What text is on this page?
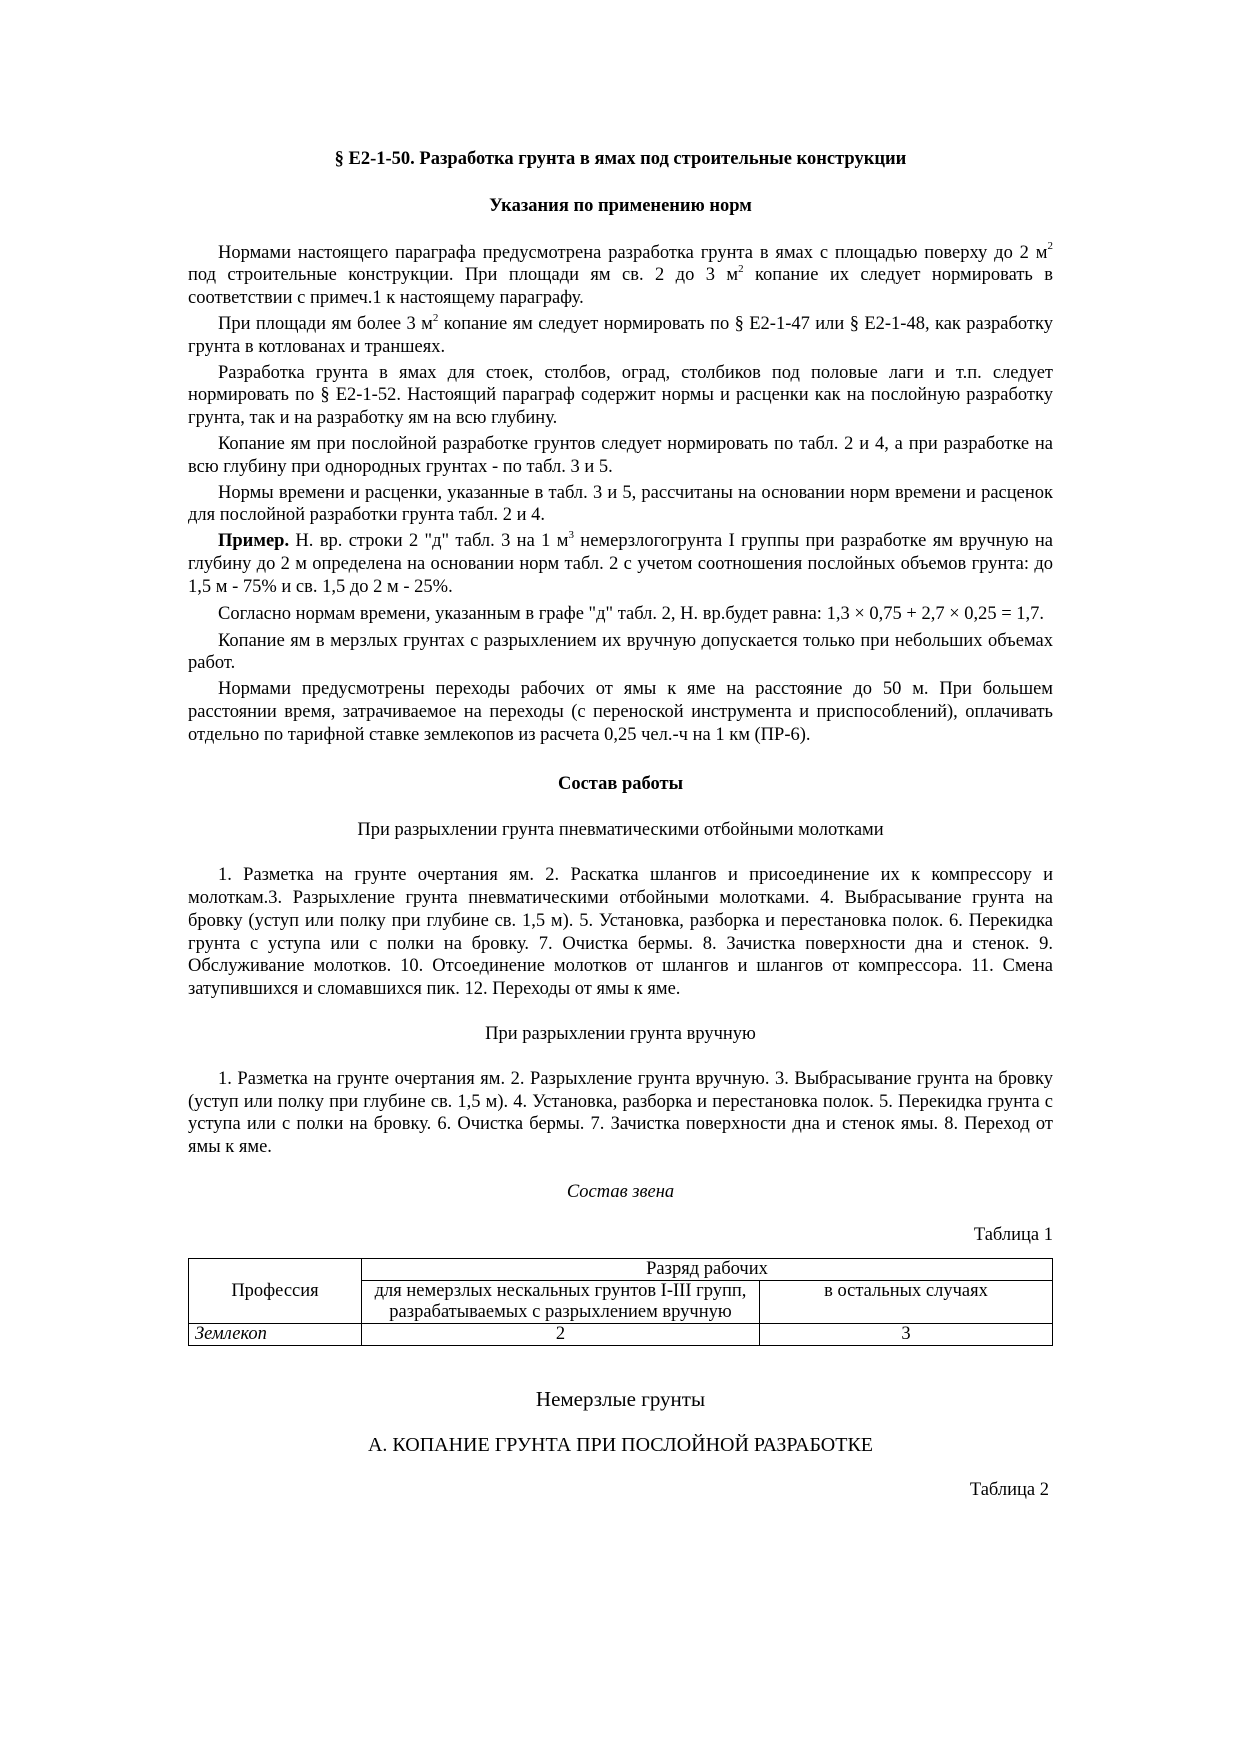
§ Е2-1-50. Разработка грунта в ямах под строительные конструкции
Указания по применению норм

Нормами настоящего параграфа предусмотрена разработка грунта в ямах с площадью поверху до 2 $м^2$ под строительные конструкции. При площади ям св. 2 до 3 $м^2$ копание их следует нормировать в соответствии с примеч.1 к настоящему параграфу.

При площади ям более 3 $м^2$ копание ям следует нормировать по § Е2-1-47 или § Е2-1-48, как разработку грунта в котлованах и траншеях.

Разработка грунта в ямах для стоек, столбов, оград, столбиков под половые лаги и т.п. следует нормировать по § Е2-1-52. Настоящий параграф содержит нормы и расценки как на послойную разработку грунта, так и на разработку ям на всю глубину.

Копание ям при послойной разработке грунтов следует нормировать по табл. 2 и 4, а при разработке на всю глубину при однородных грунтах - по табл. 3 и 5.

Нормы времени и расценки, указанные в табл. 3 и 5, рассчитаны на основании норм времени и расценок для послойной разработки грунта табл. 2 и 4.

Пример. Н. вр. строки 2 "д" табл. 3 на 1 $м^3$ немерзлогогрунта I группы при разработке ям вручную на глубину до 2 м определена на основании норм табл. 2 с учетом соотношения послойных объемов грунта: до 1,5 м - 75% и св. 1,5 до 2 м - 25%.

Согласно нормам времени, указанным в графе "д" табл. 2, Н. вр.будет равна: 1,3 × 0,75 + 2,7 × 0,25 = 1,7.

Копание ям в мерзлых грунтах с разрыхлением их вручную допускается только при небольших объемах работ.

Нормами предусмотрены переходы рабочих от ямы к яме на расстояние до 50 м. При большем расстоянии время, затрачиваемое на переходы (с переноской инструмента и приспособлений), оплачивать отдельно по тарифной ставке землекопов из расчета 0,25 чел.-ч на 1 км (ПР-6).

Состав работы
При разрыхлении грунта пневматическими отбойными молотками

1. Разметка на грунте очертания ям. 2. Раскатка шлангов и присоединение их к компрессору и молоткам.3. Разрыхление грунта пневматическими отбойными молотками. 4. Выбрасывание грунта на бровку (уступ или полку при глубине св. 1,5 м). 5. Установка, разборка и перестановка полок. 6. Перекидка грунта с уступа или с полки на бровку. 7. Очистка бермы. 8. Зачистка поверхности дна и стенок. 9. Обслуживание молотков. 10. Отсоединение молотков от шлангов и шлангов от компрессора. 11. Смена затупившихся и сломавшихся пик. 12. Переходы от ямы к яме.

При разрыхлении грунта вручную

1. Разметка на грунте очертания ям. 2. Разрыхление грунта вручную. 3. Выбрасывание грунта на бровку (уступ или полку при глубине св. 1,5 м). 4. Установка, разборка и перестановка полок. 5. Перекидка грунта с уступа или с полки на бровку. 6. Очистка бермы. 7. Зачистка поверхности дна и стенок ямы. 8. Переход от ямы к яме.

Состав звена
Таблица 1
Профессия	Разряд рабочих	
	для немерзлых нескальных грунтов I-III групп, разрабатываемых с разрыхлением вручную	в остальных случаях
Землекоп	2	3
Немерзлые грунты
А. КОПАНИЕ ГРУНТА ПРИ ПОСЛОЙНОЙ РАЗРАБОТКЕ
Таблица 2
